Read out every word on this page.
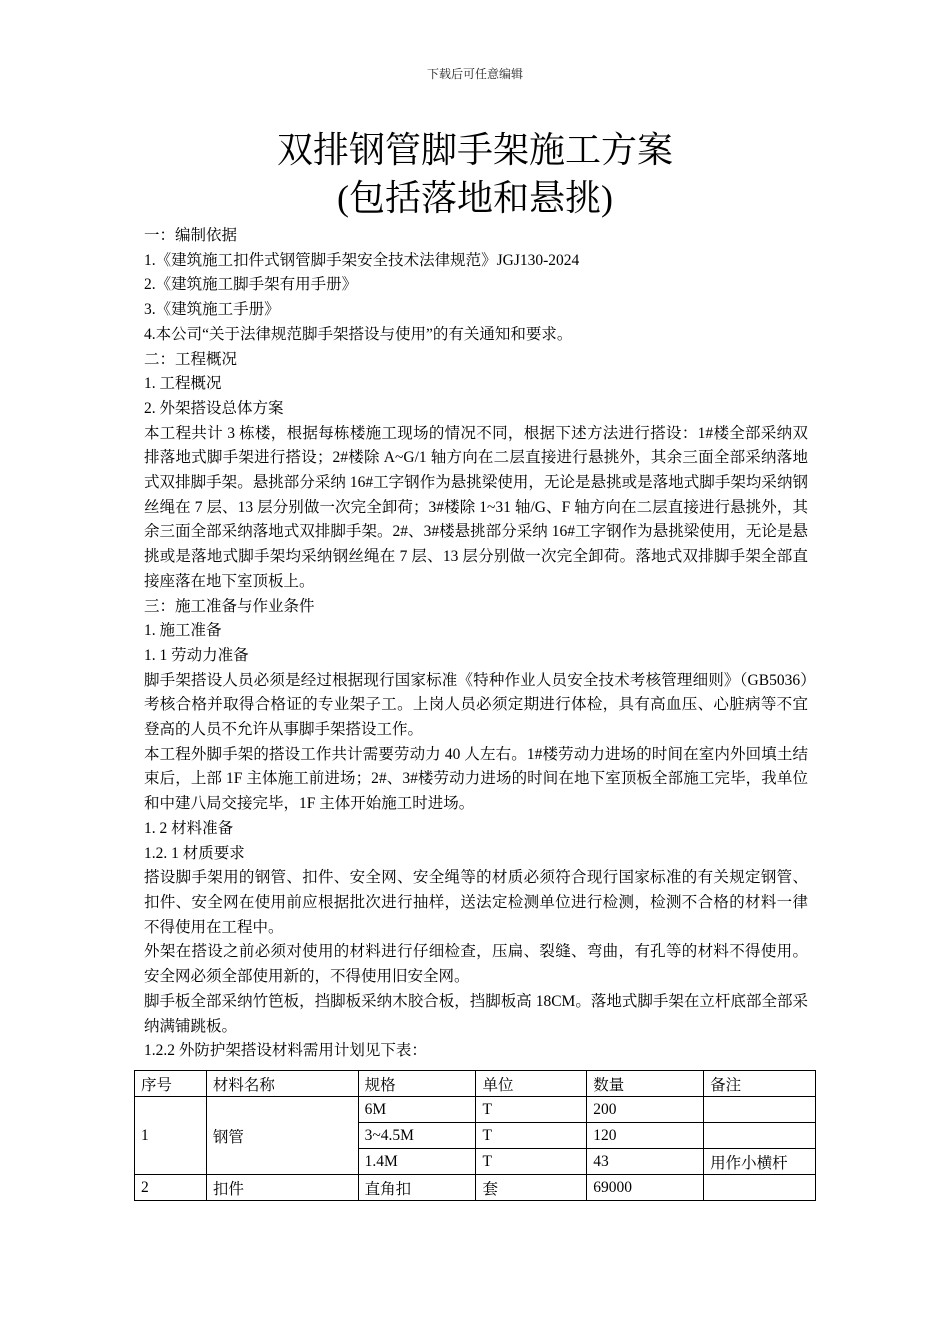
下载后可任意编辑
双排钢管脚手架施工方案
(包括落地和悬挑)

一：编制依据

1.《建筑施工扣件式钢管脚手架安全技术法律规范》JGJ130-2024

2.《建筑施工脚手架有用手册》

3.《建筑施工手册》

4.本公司“关于法律规范脚手架搭设与使用”的有关通知和要求。

二：工程概况

1. 工程概况

2. 外架搭设总体方案

本工程共计 3 栋楼，根据每栋楼施工现场的情况不同，根据下述方法进行搭设：1#楼全部采纳双排落地式脚手架进行搭设；2#楼除 A~G/1 轴方向在二层直接进行悬挑外，其余三面全部采纳落地式双排脚手架。悬挑部分采纳 16#工字钢作为悬挑梁使用，无论是悬挑或是落地式脚手架均采纳钢丝绳在 7 层、13 层分别做一次完全卸荷；3#楼除 1~31 轴/G、F 轴方向在二层直接进行悬挑外，其余三面全部采纳落地式双排脚手架。2#、3#楼悬挑部分采纳 16#工字钢作为悬挑梁使用，无论是悬挑或是落地式脚手架均采纳钢丝绳在 7 层、13 层分别做一次完全卸荷。落地式双排脚手架全部直接座落在地下室顶板上。

三：施工准备与作业条件

1. 施工准备

1. 1 劳动力准备

脚手架搭设人员必须是经过根据现行国家标准《特种作业人员安全技术考核管理细则》（GB5036）考核合格并取得合格证的专业架子工。上岗人员必须定期进行体检，具有高血压、心脏病等不宜登高的人员不允许从事脚手架搭设工作。

本工程外脚手架的搭设工作共计需要劳动力 40 人左右。1#楼劳动力进场的时间在室内外回填土结束后，上部 1F 主体施工前进场；2#、3#楼劳动力进场的时间在地下室顶板全部施工完毕，我单位和中建八局交接完毕，1F 主体开始施工时进场。

1. 2 材料准备

1.2. 1 材质要求

搭设脚手架用的钢管、扣件、安全网、安全绳等的材质必须符合现行国家标准的有关规定钢管、扣件、安全网在使用前应根据批次进行抽样，送法定检测单位进行检测，检测不合格的材料一律不得使用在工程中。

外架在搭设之前必须对使用的材料进行仔细检查，压扁、裂缝、弯曲，有孔等的材料不得使用。安全网必须全部使用新的，不得使用旧安全网。

脚手板全部采纳竹笆板，挡脚板采纳木胶合板，挡脚板高 18CM。落地式脚手架在立杆底部全部采纳满铺跳板。

1.2.2 外防护架搭设材料需用计划见下表：

序号	材料名称	规格	单位	数量	备注
1	钢管	6M	T	200	
		3~4.5M	T	120	
		1.4M	T	43	用作小横杆
2	扣件	直角扣	套	69000	
